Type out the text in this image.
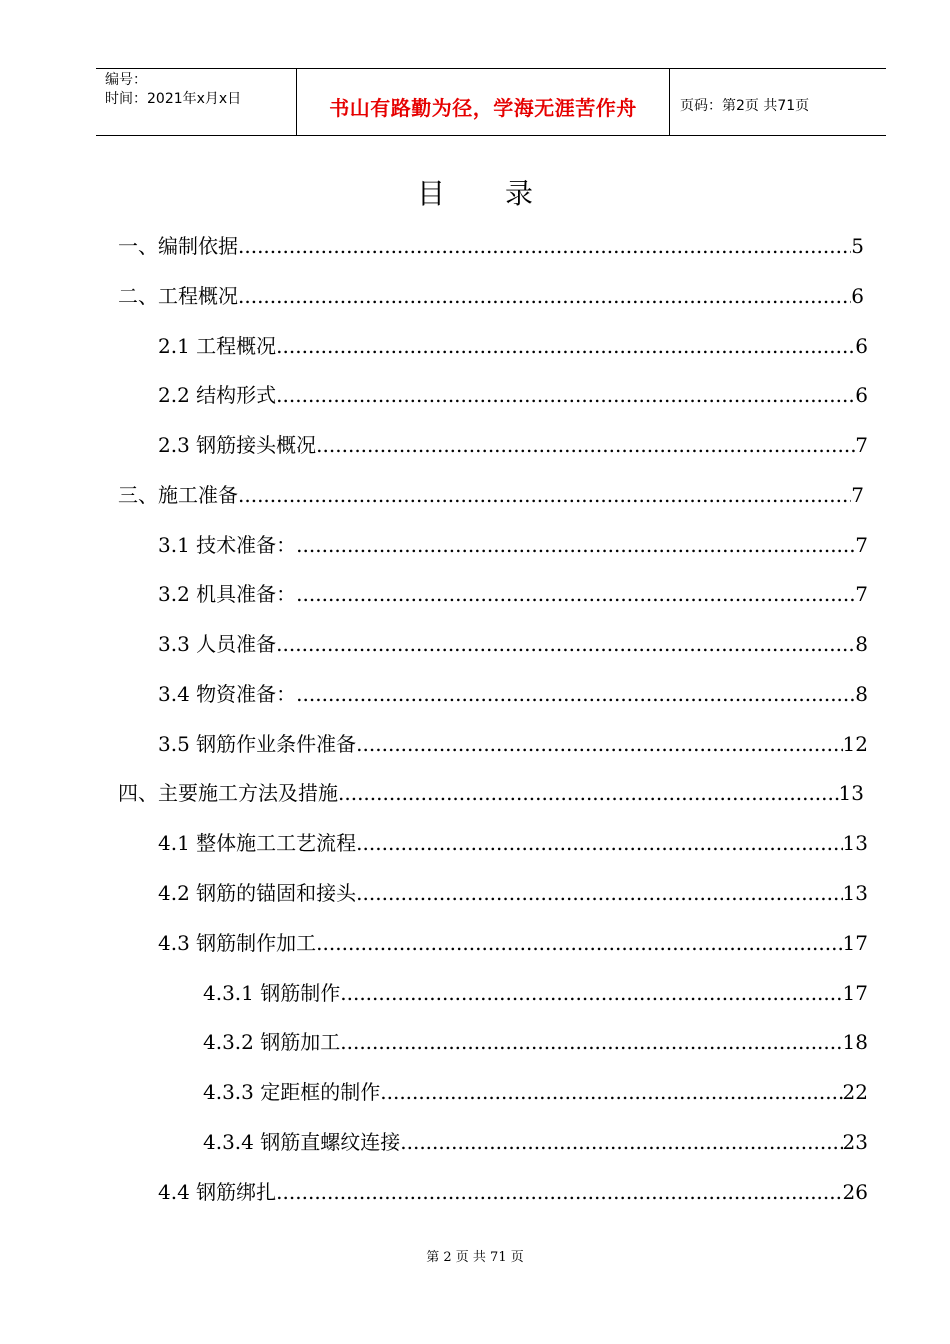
编号：
时间：2021年x月x日	书山有路勤为径，学海无涯苦作舟	页码：第2页 共71页
目 录
一、编制依据 .....	5
二、工程概况 .....	6
2.1 工程概况 .....	6
2.2 结构形式 .....	6
2.3 钢筋接头概况 .....	7
三、施工准备 .....	7
3.1 技术准备： .....	7
3.2 机具准备： .....	7
3.3 人员准备 .....	8
3.4 物资准备： .....	8
3.5 钢筋作业条件准备 .....	12
四、主要施工方法及措施 .....	13
4.1 整体施工工艺流程 .....	13
4.2 钢筋的锚固和接头 .....	13
4.3 钢筋制作加工 .....	17
4.3.1 钢筋制作 .....	17
4.3.2 钢筋加工 .....	18
4.3.3 定距框的制作 .....	22
4.3.4 钢筋直螺纹连接 .....	23
4.4 钢筋绑扎 .....	26
第 2 页 共 71 页
